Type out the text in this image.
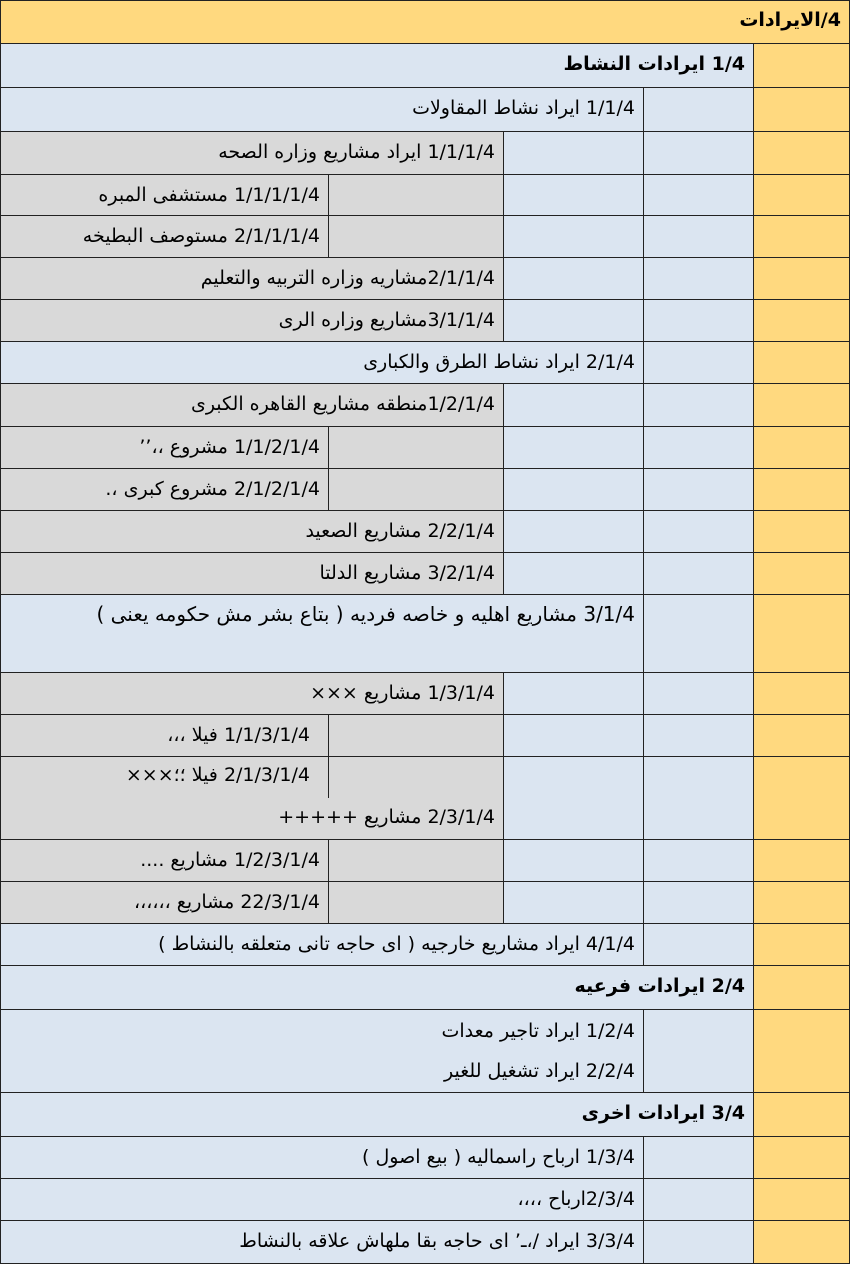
4/الايرادات
1/4 ايرادات النشاط
1/1/4 ايراد نشاط المقاولات
1/1/1/4 ايراد مشاريع وزاره الصحه
1/1/1/1/4 مستشفى المبره
2/1/1/1/4 مستوصف البطيخه
2/1/1/4مشاريه وزاره التربيه والتعليم
3/1/1/4مشاريع وزاره الرى
2/1/4 ايراد نشاط الطرق والكبارى
1/2/1/4منطقه مشاريع القاهره الكبرى
1/1/2/1/4 مشروع ،،’’
2/1/2/1/4 مشروع كبرى ،.
2/2/1/4 مشاريع الصعيد
3/2/1/4 مشاريع الدلتا
3/1/4 مشاريع اهليه و خاصه فرديه ( بتاع بشر مش حكومه يعنى )
1/3/1/4 مشاريع ×××
1/1/3/1/4 فيلا ،،،
2/1/3/1/4 فيلا ؛؛×××
2/3/1/4 مشاريع +++++
1/2/3/1/4 مشاريع ....
22/3/1/4 مشاريع ،،،،،،
4/1/4 ايراد مشاريع خارجيه ( اى حاجه تانى متعلقه بالنشاط )
2/4 ايرادات فرعيه
1/2/4 ايراد تاجير معدات
2/2/4 ايراد تشغيل للغير
3/4 ايرادات اخرى
1/3/4 ارباح راسماليه ( بيع اصول )
2/3/4ارباح ،،،،
3/3/4 ايراد /،ـ’ اى حاجه بقا ملهاش علاقه بالنشاط
